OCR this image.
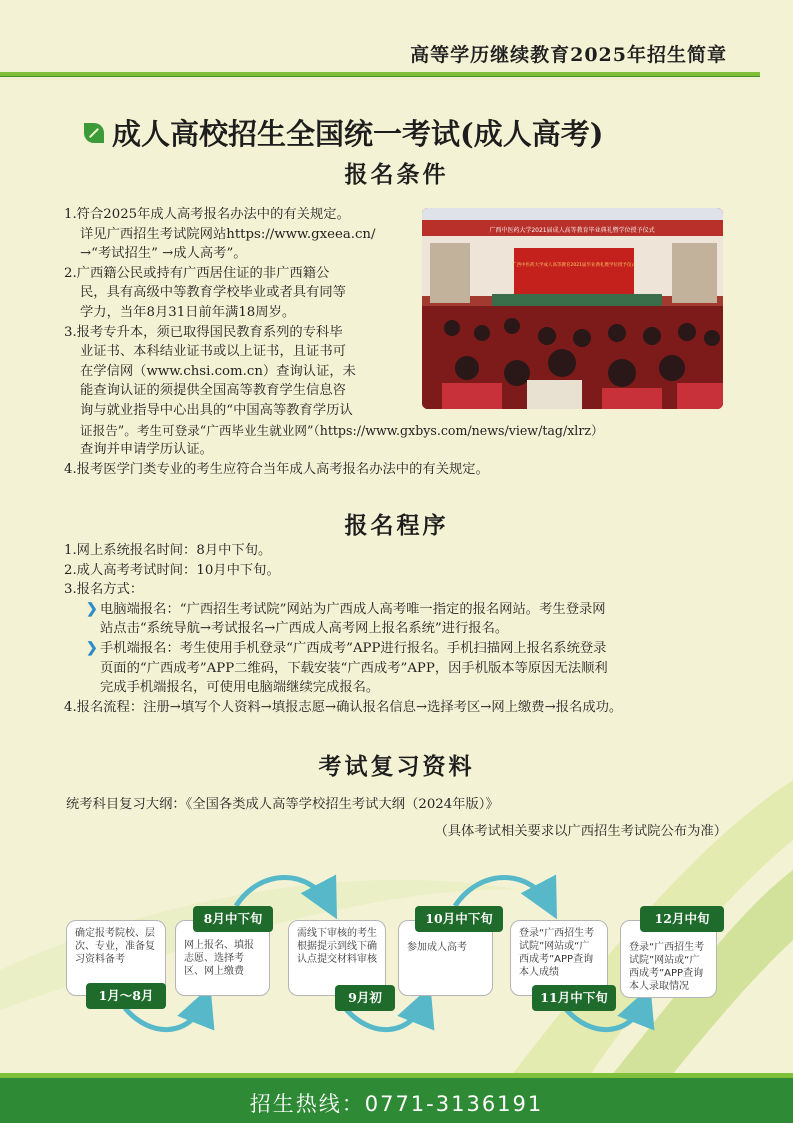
高等学历继续教育2025年招生简章
成人高校招生全国统一考试(成人高考)
报名条件
1.符合2025年成人高考报名办法中的有关规定。
详见广西招生考试院网站https://www.gxeea.cn/
→“考试招生” →成人高考”。
2.广西籍公民或持有广西居住证的非广西籍公
民，具有高级中等教育学校毕业或者具有同等
学力，当年8月31日前年满18周岁。
3.报考专升本，须已取得国民教育系列的专科毕
业证书、本科结业证书或以上证书，且证书可
在学信网（www.chsi.com.cn）查询认证，未
能查询认证的须提供全国高等教育学生信息咨
询与就业指导中心出具的“中国高等教育学历认
证报告”。考生可登录“广西毕业生就业网”（https://www.gxbys.com/news/view/tag/xlrz）
查询并申请学历认证。
4.报考医学门类专业的考生应符合当年成人高考报名办法中的有关规定。
广西中医药大学2021届成人高等教育毕业典礼暨学位授予仪式
广西中医药大学成人高等教育2021届毕业典礼暨学位授予仪式
报名程序
1.网上系统报名时间：8月中下旬。
2.成人高考考试时间：10月中下旬。
3.报名方式：
❯ 电脑端报名：“广西招生考试院”网站为广西成人高考唯一指定的报名网站。考生登录网
站点击“系统导航→考试报名→广西成人高考网上报名系统”进行报名。
❯ 手机端报名：考生使用手机登录“广西成考”APP进行报名。手机扫描网上报名系统登录
页面的“广西成考”APP二维码，下载安装“广西成考”APP，因手机版本等原因无法顺利
完成手机端报名，可使用电脑端继续完成报名。
4.报名流程：注册→填写个人资料→填报志愿→确认报名信息→选择考区→网上缴费→报名成功。
考试复习资料
统考科目复习大纲：《全国各类成人高等学校招生考试大纲（2024年版）》
（具体考试相关要求以广西招生考试院公布为准）
确定报考院校、层次、专业，准备复习资料备考
1月～8月
网上报名、填报志愿、选择考区、网上缴费
8月中下旬
需线下审核的考生根据提示到线下确认点提交材料审核
9月初
参加成人高考
10月中下旬
登录“广西招生考试院”网站或“广西成考”APP查询本人成绩
11月中下旬
登录“广西招生考试院”网站或“广西成考”APP查询本人录取情况
12月中旬
招生热线：0771-3136191
